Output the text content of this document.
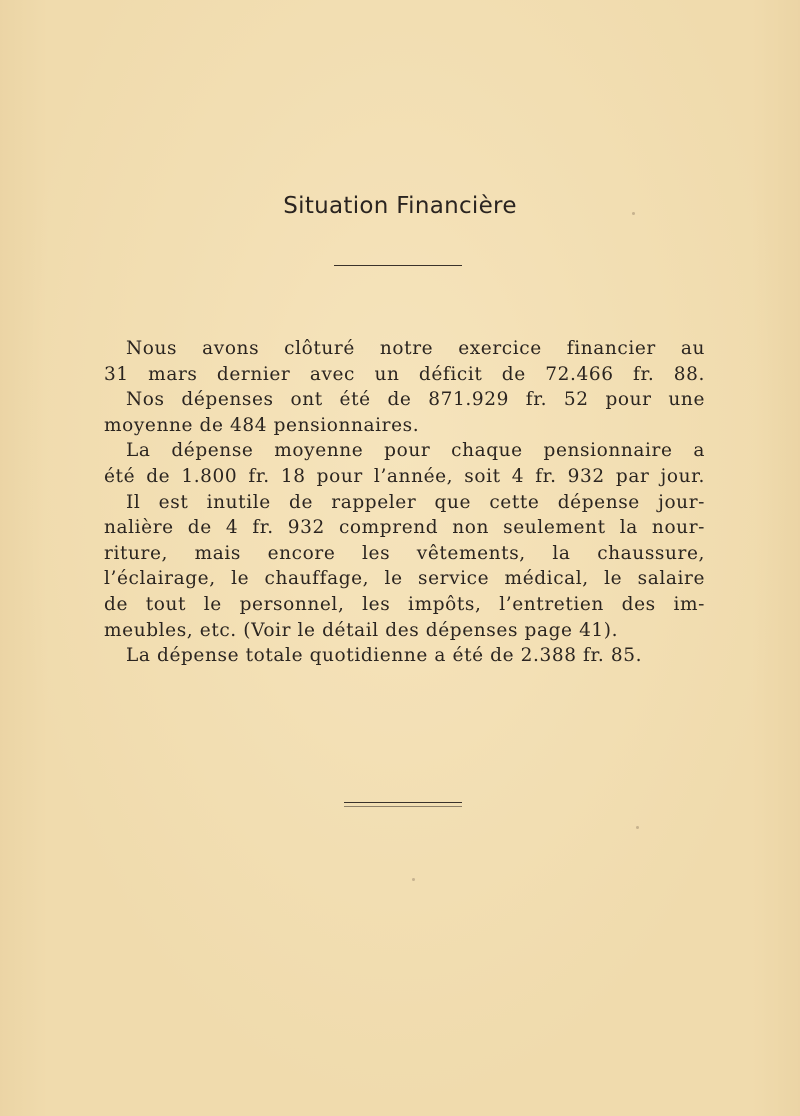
Situation Financière
Nous avons clôturé notre exercice financier au
31 mars dernier avec un déficit de 72.466 fr. 88.
Nos dépenses ont été de 871.929 fr. 52 pour une
moyenne de 484 pensionnaires.
La dépense moyenne pour chaque pensionnaire a
été de 1.800 fr. 18 pour l’année, soit 4 fr. 932 par jour.
Il est inutile de rappeler que cette dépense jour-
nalière de 4 fr. 932 comprend non seulement la nour-
riture, mais encore les vêtements, la chaussure,
l’éclairage, le chauffage, le service médical, le salaire
de tout le personnel, les impôts, l’entretien des im-
meubles, etc. (Voir le détail des dépenses page 41).
La dépense totale quotidienne a été de 2.388 fr. 85.
